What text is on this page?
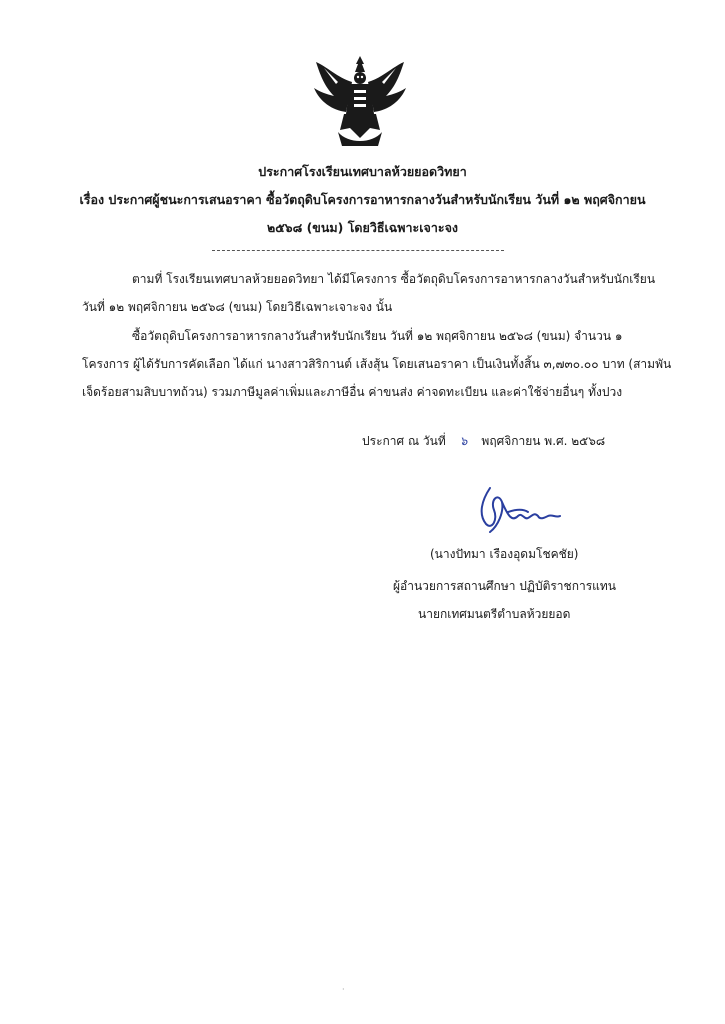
ประกาศโรงเรียนเทศบาลห้วยยอดวิทยา
เรื่อง ประกาศผู้ชนะการเสนอราคา ซื้อวัตถุดิบโครงการอาหารกลางวันสำหรับนักเรียน วันที่ ๑๒ พฤศจิกายน
๒๕๖๘ (ขนม) โดยวิธีเฉพาะเจาะจง
ตามที่ โรงเรียนเทศบาลห้วยยอดวิทยา ได้มีโครงการ ซื้อวัตถุดิบโครงการอาหารกลางวันสำหรับนักเรียน
วันที่ ๑๒ พฤศจิกายน ๒๕๖๘ (ขนม) โดยวิธีเฉพาะเจาะจง นั้น
ซื้อวัตถุดิบโครงการอาหารกลางวันสำหรับนักเรียน วันที่ ๑๒ พฤศจิกายน ๒๕๖๘ (ขนม) จำนวน ๑
โครงการ ผู้ได้รับการคัดเลือก ได้แก่ นางสาวสิริกานต์ เส้งสุ้น โดยเสนอราคา เป็นเงินทั้งสิ้น ๓,๗๓๐.๐๐ บาท (สามพัน
เจ็ดร้อยสามสิบบาทถ้วน) รวมภาษีมูลค่าเพิ่มและภาษีอื่น ค่าขนส่ง ค่าจดทะเบียน และค่าใช้จ่ายอื่นๆ ทั้งปวง
ประกาศ ณ วันที่ ๖ พฤศจิกายน พ.ศ. ๒๕๖๘
(นางปัทมา เรืองอุดมโชคชัย)
ผู้อำนวยการสถานศึกษา ปฏิบัติราชการแทน
นายกเทศมนตรีตำบลห้วยยอด
·
